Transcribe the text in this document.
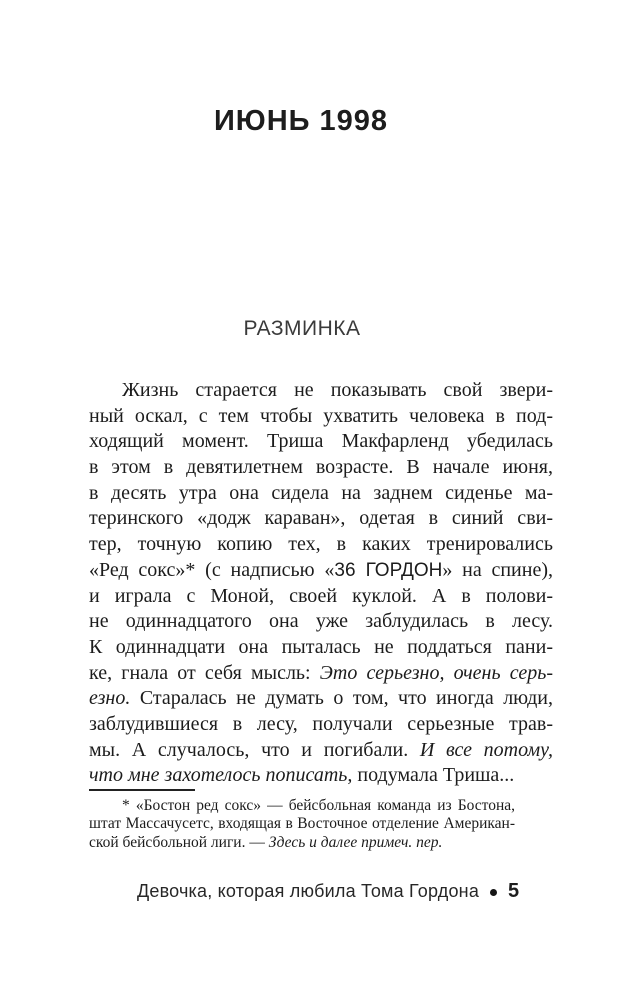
ИЮНЬ 1998
РАЗМИНКА
Жизнь старается не показывать свой звери-
ный оскал, с тем чтобы ухватить человека в под-
ходящий момент. Триша Макфарленд убедилась
в этом в девятилетнем возрасте. В начале июня,
в десять утра она сидела на заднем сиденье ма-
теринского «додж караван», одетая в синий сви-
тер, точную копию тех, в каких тренировались
«Ред сокс»* (с надписью «36 ГОРДОН» на спине),
и играла с Моной, своей куклой. А в полови-
не одиннадцатого она уже заблудилась в лесу.
К одиннадцати она пыталась не поддаться пани-
ке, гнала от себя мысль: Это серьезно, очень серь-
езно. Старалась не думать о том, что иногда люди,
заблудившиеся в лесу, получали серьезные трав-
мы. А случалось, что и погибали. И все потому,
что мне захотелось пописать, подумала Триша...
* «Бостон ред сокс» — бейсбольная команда из Бостона,
штат Массачусетс, входящая в Восточное отделение Американ-
ской бейсбольной лиги. — Здесь и далее примеч. пер.
Девочка, которая любила Тома Гордона 5
